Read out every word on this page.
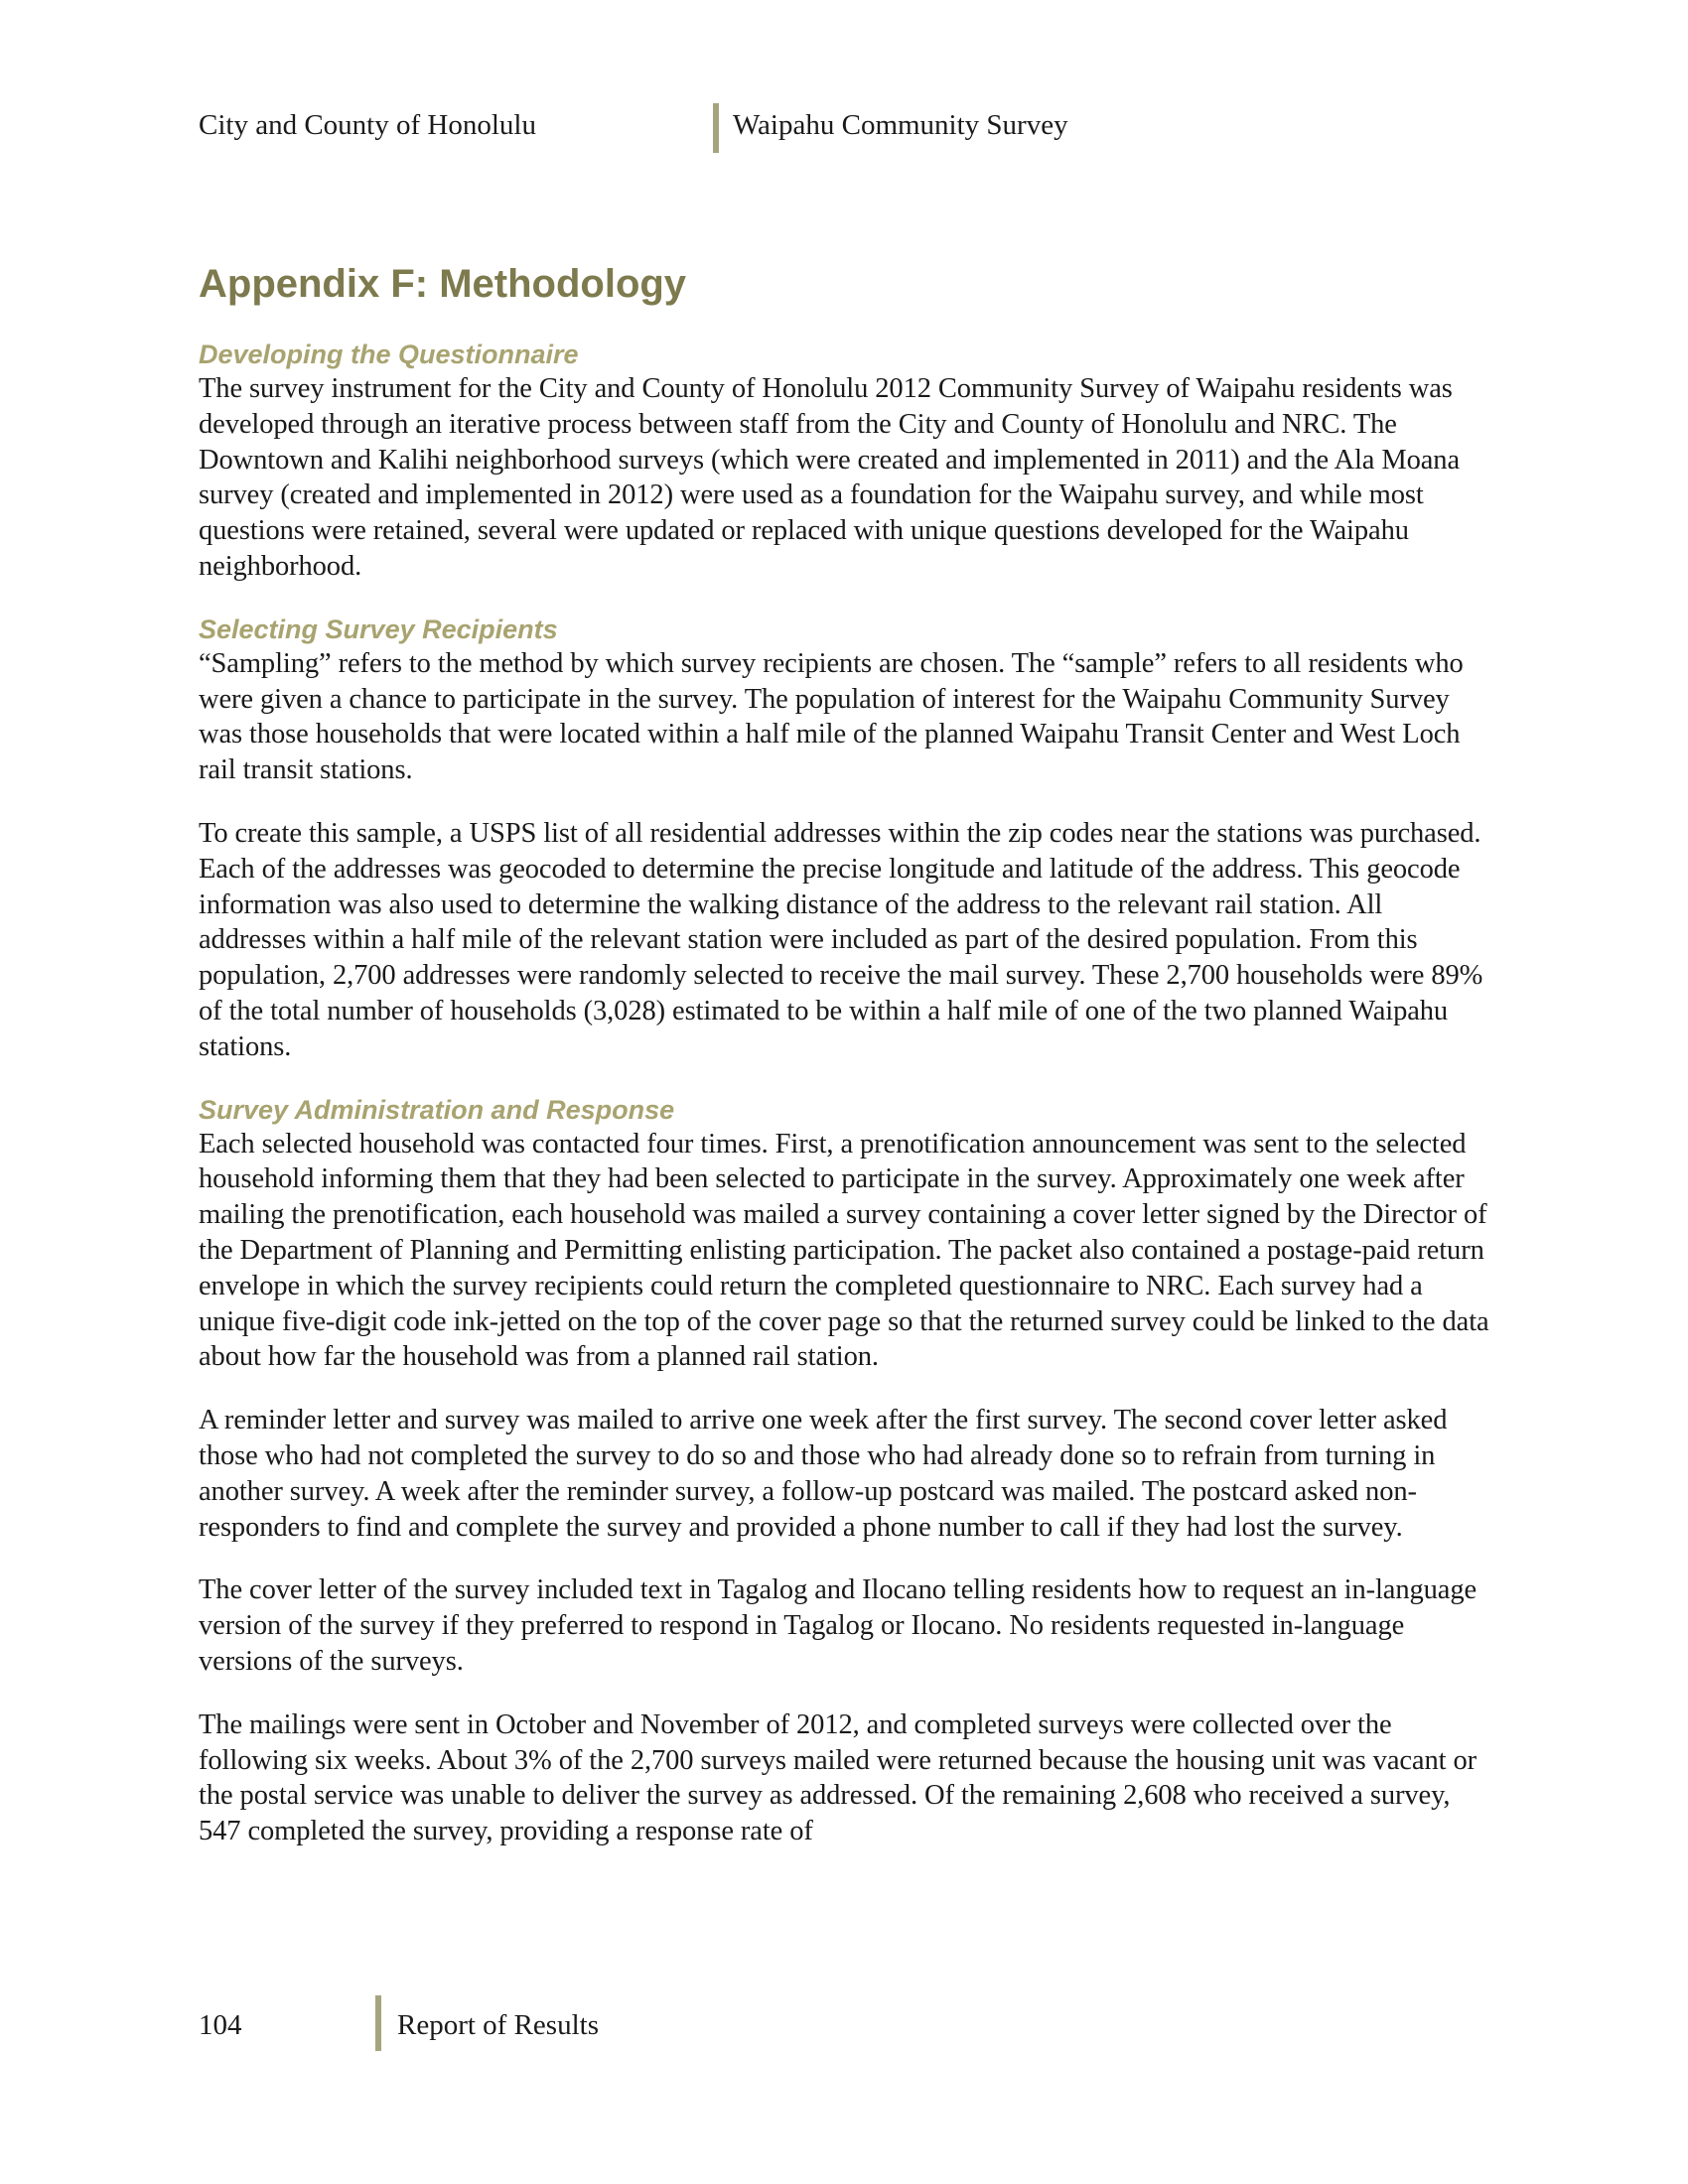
City and County of Honolulu	Waipahu Community Survey
Appendix F: Methodology
Developing the Questionnaire

The survey instrument for the City and County of Honolulu 2012 Community Survey of Waipahu residents was developed through an iterative process between staff from the City and County of Honolulu and NRC. The Downtown and Kalihi neighborhood surveys (which were created and implemented in 2011) and the Ala Moana survey (created and implemented in 2012) were used as a foundation for the Waipahu survey, and while most questions were retained, several were updated or replaced with unique questions developed for the Waipahu neighborhood.

Selecting Survey Recipients

“Sampling” refers to the method by which survey recipients are chosen. The “sample” refers to all residents who were given a chance to participate in the survey. The population of interest for the Waipahu Community Survey was those households that were located within a half mile of the planned Waipahu Transit Center and West Loch rail transit stations.

To create this sample, a USPS list of all residential addresses within the zip codes near the stations was purchased. Each of the addresses was geocoded to determine the precise longitude and latitude of the address. This geocode information was also used to determine the walking distance of the address to the relevant rail station. All addresses within a half mile of the relevant station were included as part of the desired population. From this population, 2,700 addresses were randomly selected to receive the mail survey. These 2,700 households were 89% of the total number of households (3,028) estimated to be within a half mile of one of the two planned Waipahu stations.

Survey Administration and Response

Each selected household was contacted four times. First, a prenotification announcement was sent to the selected household informing them that they had been selected to participate in the survey. Approximately one week after mailing the prenotification, each household was mailed a survey containing a cover letter signed by the Director of the Department of Planning and Permitting enlisting participation. The packet also contained a postage-paid return envelope in which the survey recipients could return the completed questionnaire to NRC. Each survey had a unique five-digit code ink-jetted on the top of the cover page so that the returned survey could be linked to the data about how far the household was from a planned rail station.

A reminder letter and survey was mailed to arrive one week after the first survey. The second cover letter asked those who had not completed the survey to do so and those who had already done so to refrain from turning in another survey. A week after the reminder survey, a follow-up postcard was mailed. The postcard asked non-responders to find and complete the survey and provided a phone number to call if they had lost the survey.

The cover letter of the survey included text in Tagalog and Ilocano telling residents how to request an in-language version of the survey if they preferred to respond in Tagalog or Ilocano. No residents requested in-language versions of the surveys.

The mailings were sent in October and November of 2012, and completed surveys were collected over the following six weeks. About 3% of the 2,700 surveys mailed were returned because the housing unit was vacant or the postal service was unable to deliver the survey as addressed. Of the remaining 2,608 who received a survey, 547 completed the survey, providing a response rate of

104	Report of Results
